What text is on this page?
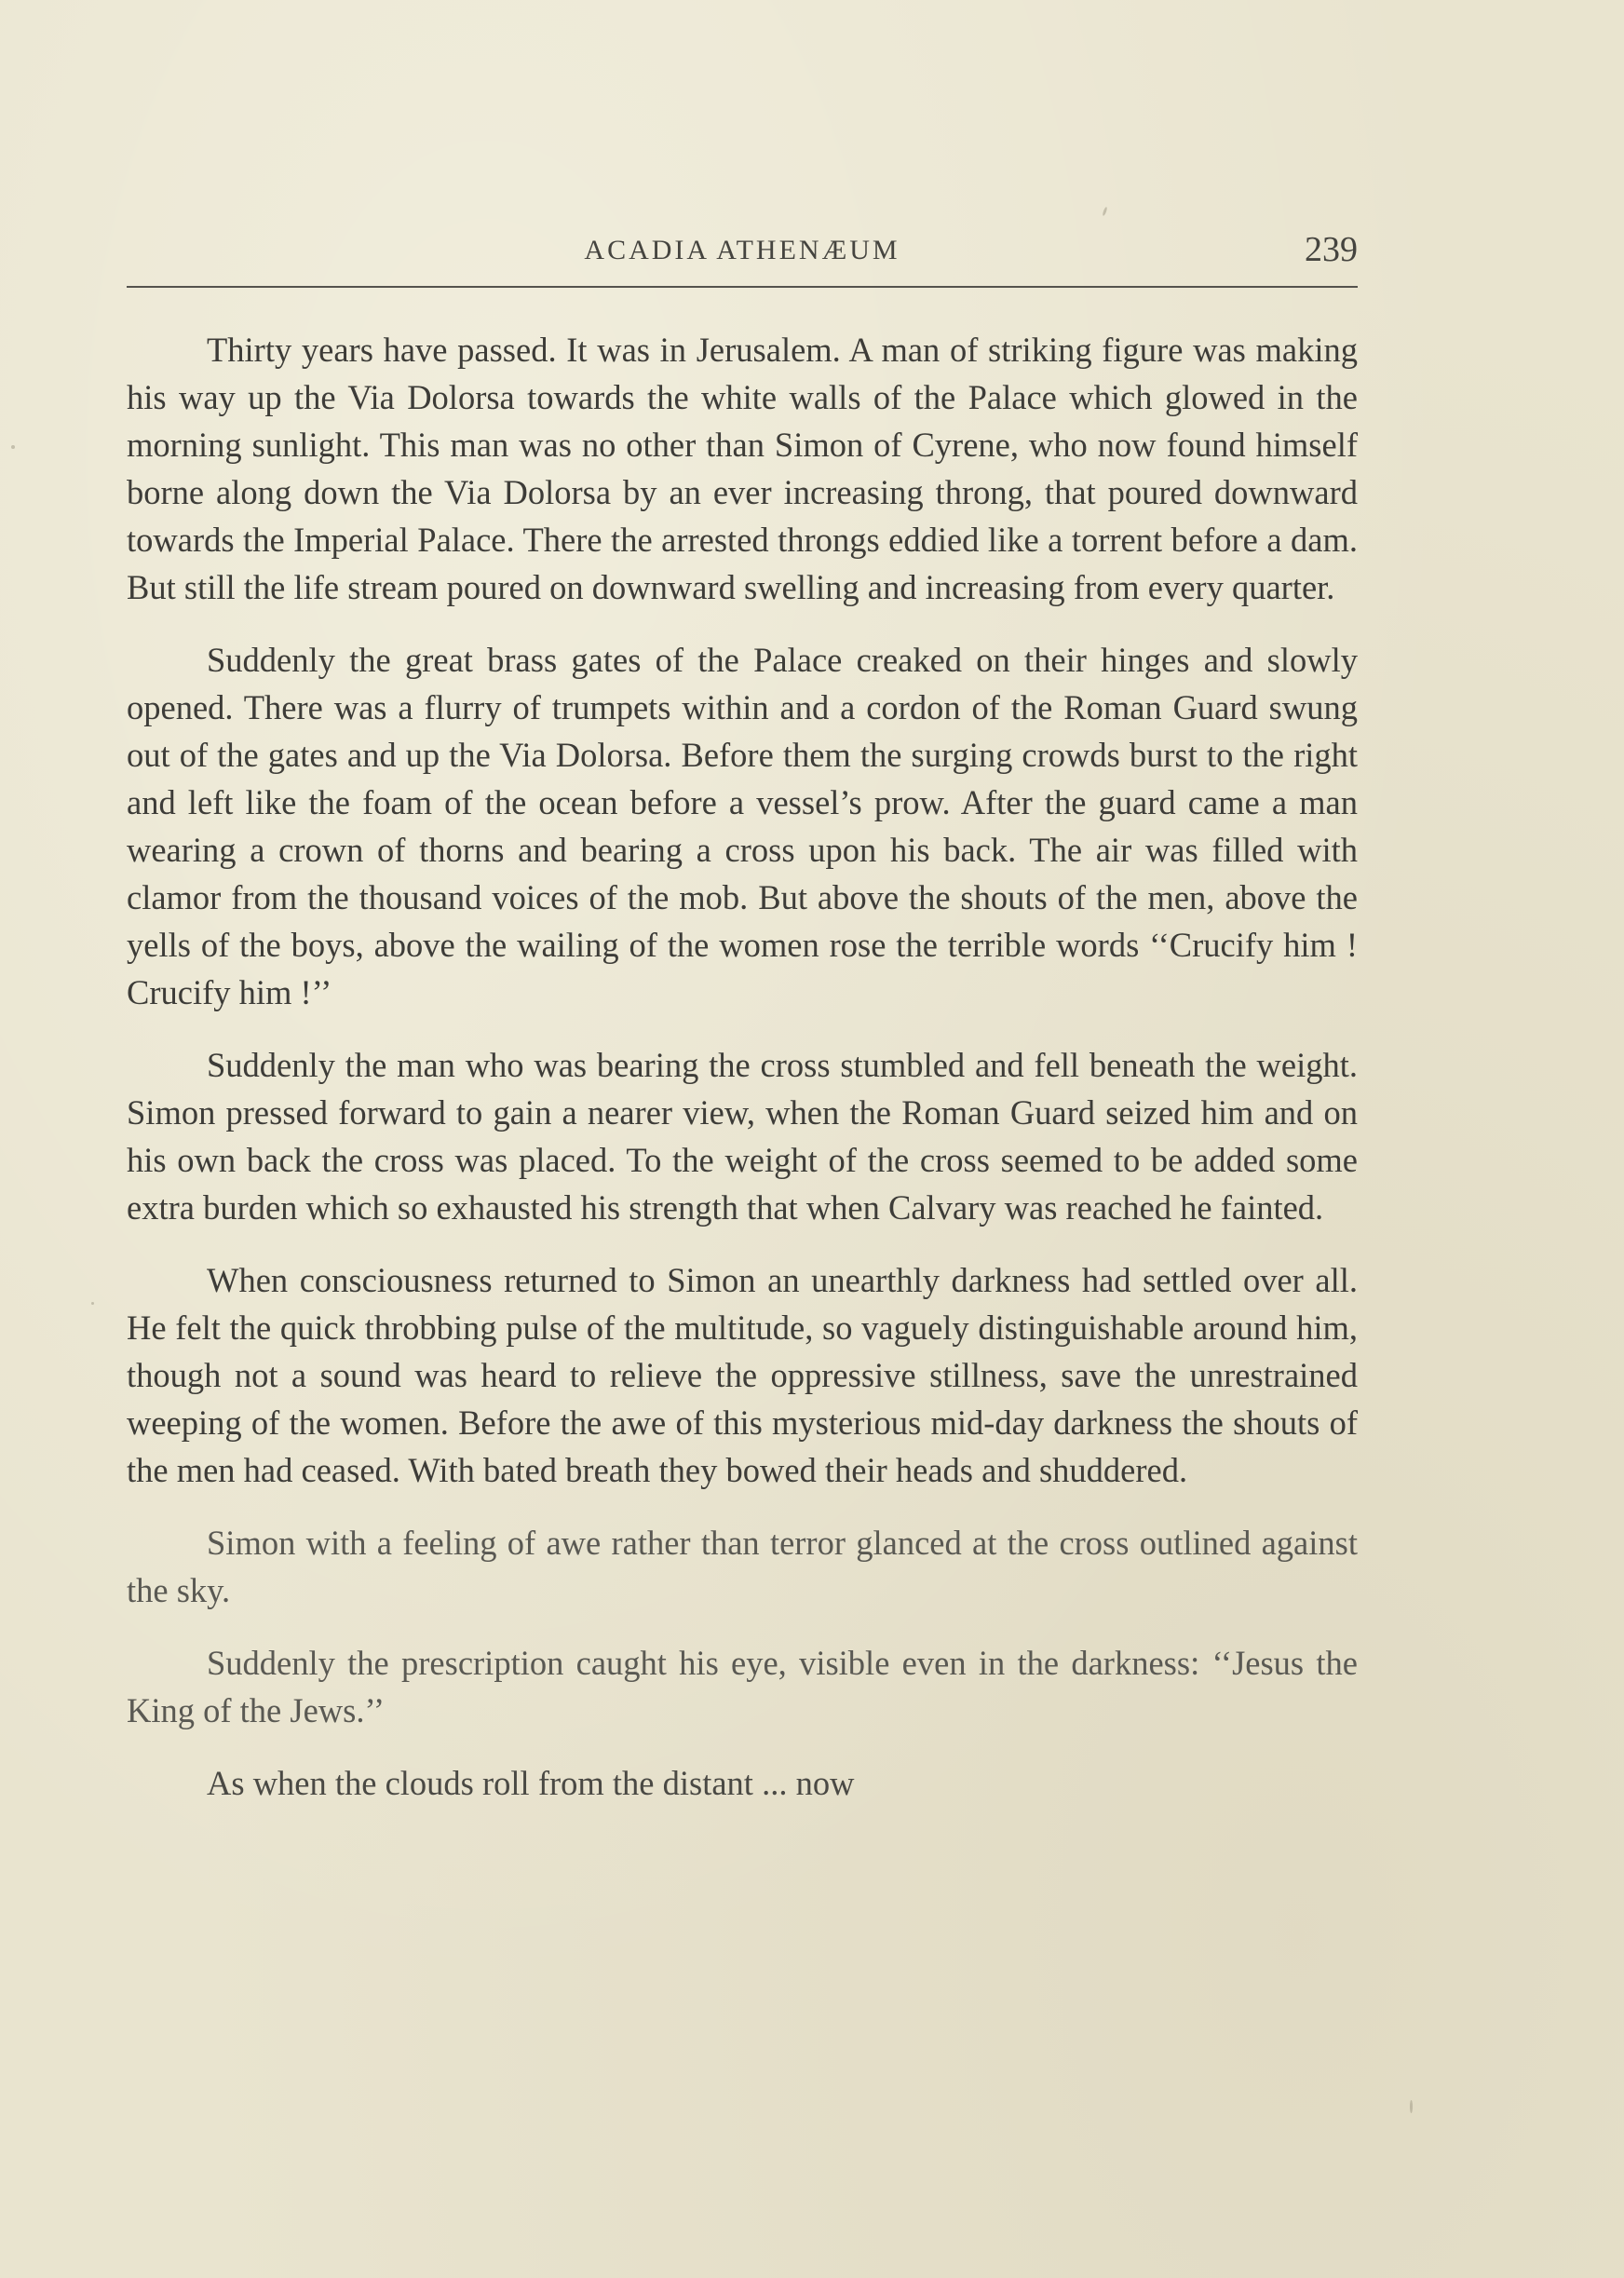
ACADIA ATHENÆUM	239

Thirty years have passed. It was in Jerusalem. A man of striking figure was making his way up the Via Dolorsa towards the white walls of the Palace which glowed in the morning sunlight. This man was no other than Simon of Cyrene, who now found himself borne along down the Via Dolorsa by an ever increasing throng, that poured downward towards the Imperial Palace. There the arrested throngs eddied like a torrent before a dam. But still the life stream poured on downward swelling and increasing from every quarter.

Suddenly the great brass gates of the Palace creaked on their hinges and slowly opened. There was a flurry of trumpets within and a cordon of the Roman Guard swung out of the gates and up the Via Dolorsa. Before them the surging crowds burst to the right and left like the foam of the ocean before a vessel’s prow. After the guard came a man wearing a crown of thorns and bearing a cross upon his back. The air was filled with clamor from the thousand voices of the mob. But above the shouts of the men, above the yells of the boys, above the wailing of the women rose the terrible words ‘‘Crucify him ! Crucify him !’’

Suddenly the man who was bearing the cross stumbled and fell beneath the weight. Simon pressed forward to gain a nearer view, when the Roman Guard seized him and on his own back the cross was placed. To the weight of the cross seemed to be added some extra burden which so exhausted his strength that when Calvary was reached he fainted.

When consciousness returned to Simon an unearthly darkness had settled over all. He felt the quick throbbing pulse of the multitude, so vaguely distinguishable around him, though not a sound was heard to relieve the oppressive stillness, save the unrestrained weeping of the women. Before the awe of this mysterious mid-day darkness the shouts of the men had ceased. With bated breath they bowed their heads and shuddered.

Simon with a feeling of awe rather than terror glanced at the cross outlined against the sky.

Suddenly the prescription caught his eye, visible even in the darkness: ‘‘Jesus the King of the Jews.’’

As when the clouds roll from the distant ... now
